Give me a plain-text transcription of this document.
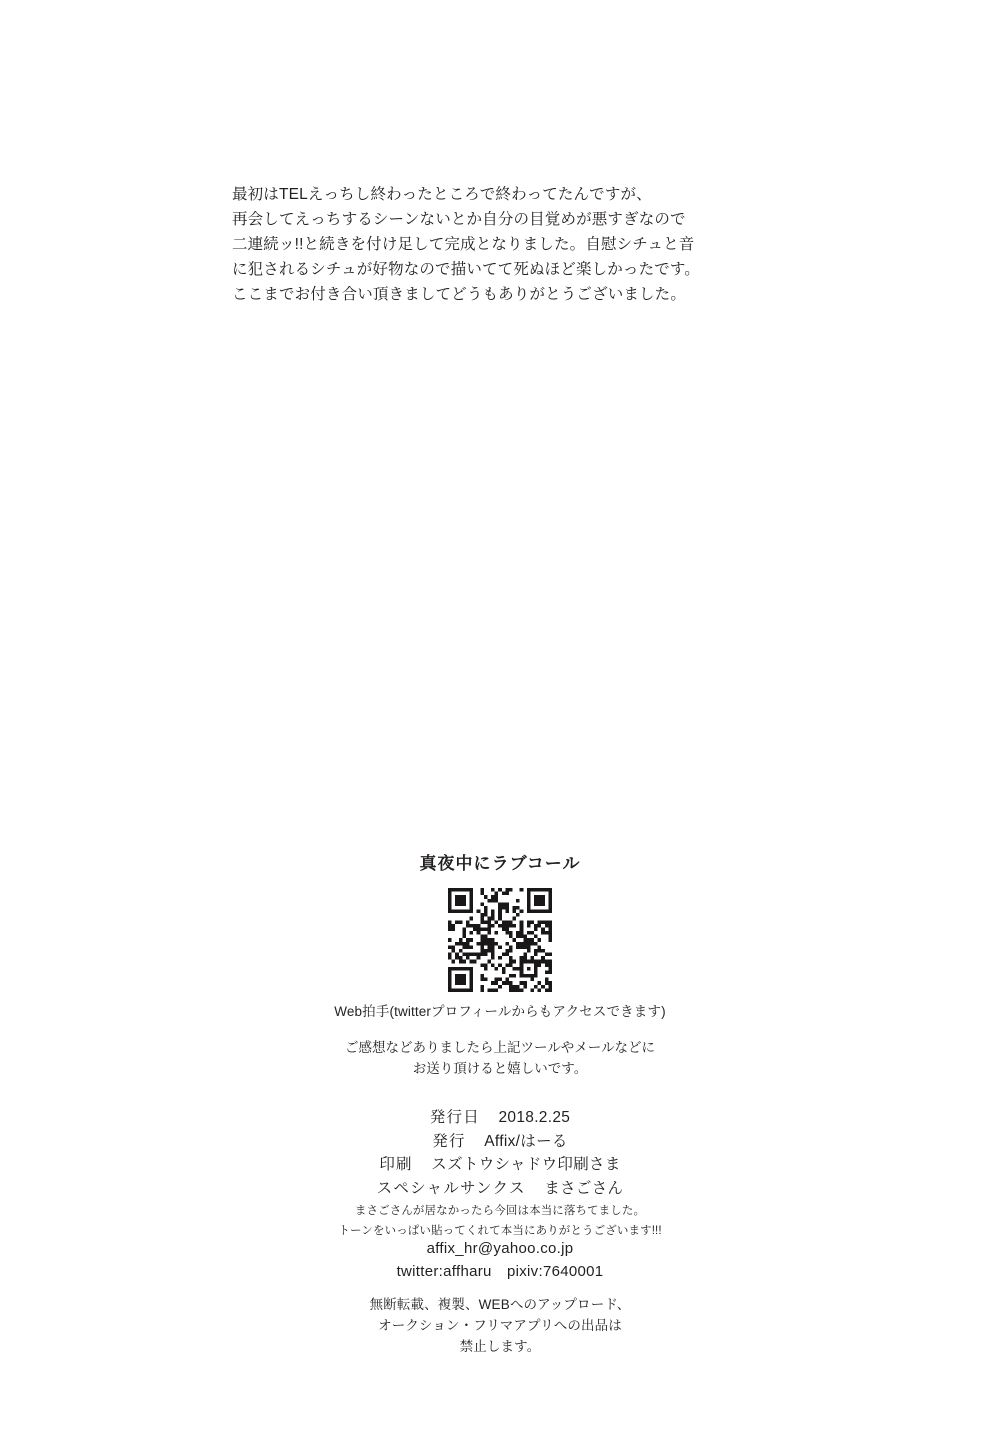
最初はTELえっちし終わったところで終わってたんですが、

再会してえっちするシーンないとか自分の目覚めが悪すぎなので

二連続ッ!!と続きを付け足して完成となりました。自慰シチュと音

に犯されるシチュが好物なので描いてて死ぬほど楽しかったです。

ここまでお付き合い頂きましてどうもありがとうございました。

真夜中にラブコール
Web拍手(twitterプロフィールからもアクセスできます)

ご感想などありましたら上記ツールやメールなどに

お送り頂けると嬉しいです。

発行日 2018.2.25
発行 Affix/はーる
印刷 スズトウシャドウ印刷さま
スペシャルサンクス まさごさん
まさごさんが居なかったら今回は本当に落ちてました。
トーンをいっぱい貼ってくれて本当にありがとうございます!!!

affix_hr@yahoo.co.jp

twitter:affharu　pixiv:7640001

無断転載、複製、WEBへのアップロード、

オークション・フリマアプリへの出品は

禁止します。
